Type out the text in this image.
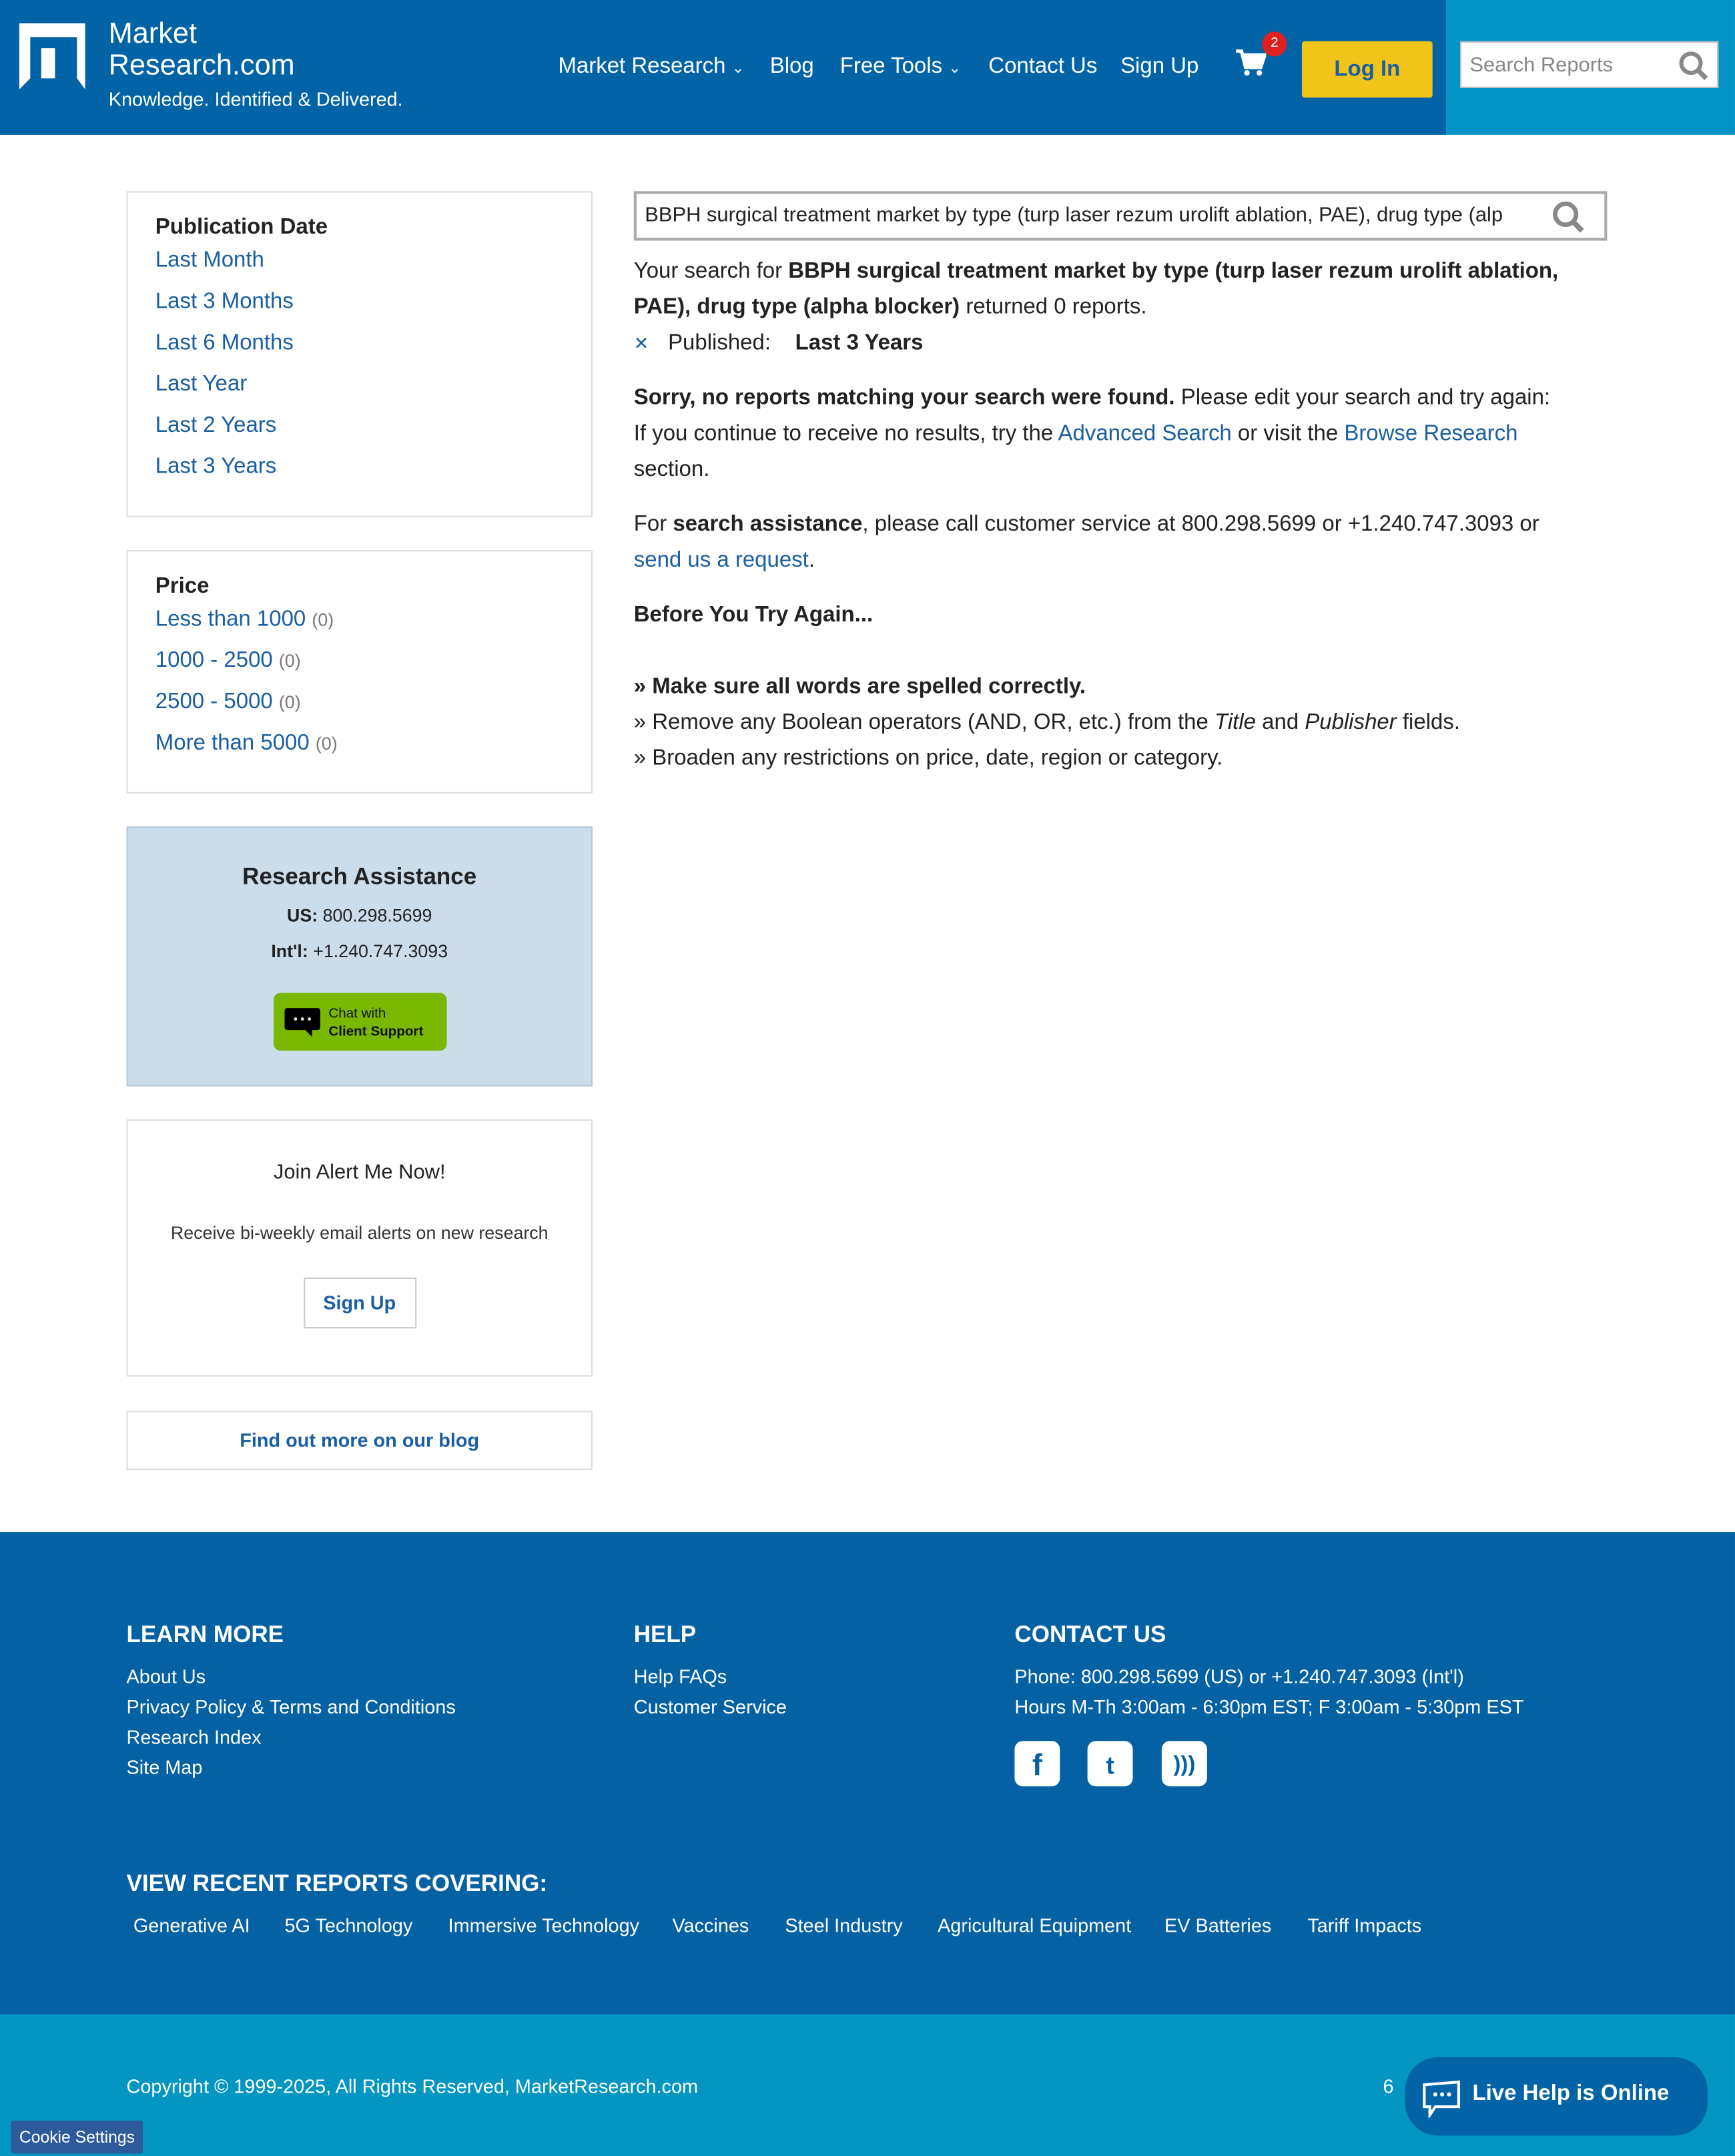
Market
Research.com
Knowledge. Identified & Delivered.
Market Research ⌄ Blog Free Tools ⌄	Contact Us Sign Up
2
Log In	Search Reports
Publication Date
Last Month
Last 3 Months
Last 6 Months
Last Year
Last 2 Years
Last 3 Years
Price
Less than 1000 (0)
1000 - 2500 (0)
2500 - 5000 (0)
More than 5000 (0)
Research Assistance
US: 800.298.5699
Int'l: +1.240.747.3093
Chat with
Client Support
Join Alert Me Now!
Receive bi-weekly email alerts on new research
Sign Up
Find out more on our blog
BBPH surgical treatment market by type (turp laser rezum urolift ablation, PAE), drug type (alp
Your search for BBPH surgical treatment market by type (turp laser rezum urolift ablation, PAE), drug type (alpha blocker) returned 0 reports.
✕ Published: Last 3 Years
Sorry, no reports matching your search were found. Please edit your search and try again:
If you continue to receive no results, try the Advanced Search or visit the Browse Research
section.
For search assistance, please call customer service at 800.298.5699 or +1.240.747.3093 or
send us a request.
Before You Try Again...
» Make sure all words are spelled correctly.
» Remove any Boolean operators (AND, OR, etc.) from the Title and Publisher fields.
» Broaden any restrictions on price, date, region or category.
LEARN MORE
About Us
Privacy Policy & Terms and Conditions
Research Index
Site Map
HELP
Help FAQs
Customer Service
CONTACT US
Phone: 800.298.5699 (US) or +1.240.747.3093 (Int'l)
Hours M-Th 3:00am - 6:30pm EST; F 3:00am - 5:30pm EST
f	t	)))
VIEW RECENT REPORTS COVERING:
Generative AI	5G Technology	Immersive Technology	Vaccines	Steel Industry	Agricultural Equipment	EV Batteries	Tariff Impacts
Copyright © 1999-2025, All Rights Reserved, MarketResearch.com	6	Live Help is Online
Cookie Settings
